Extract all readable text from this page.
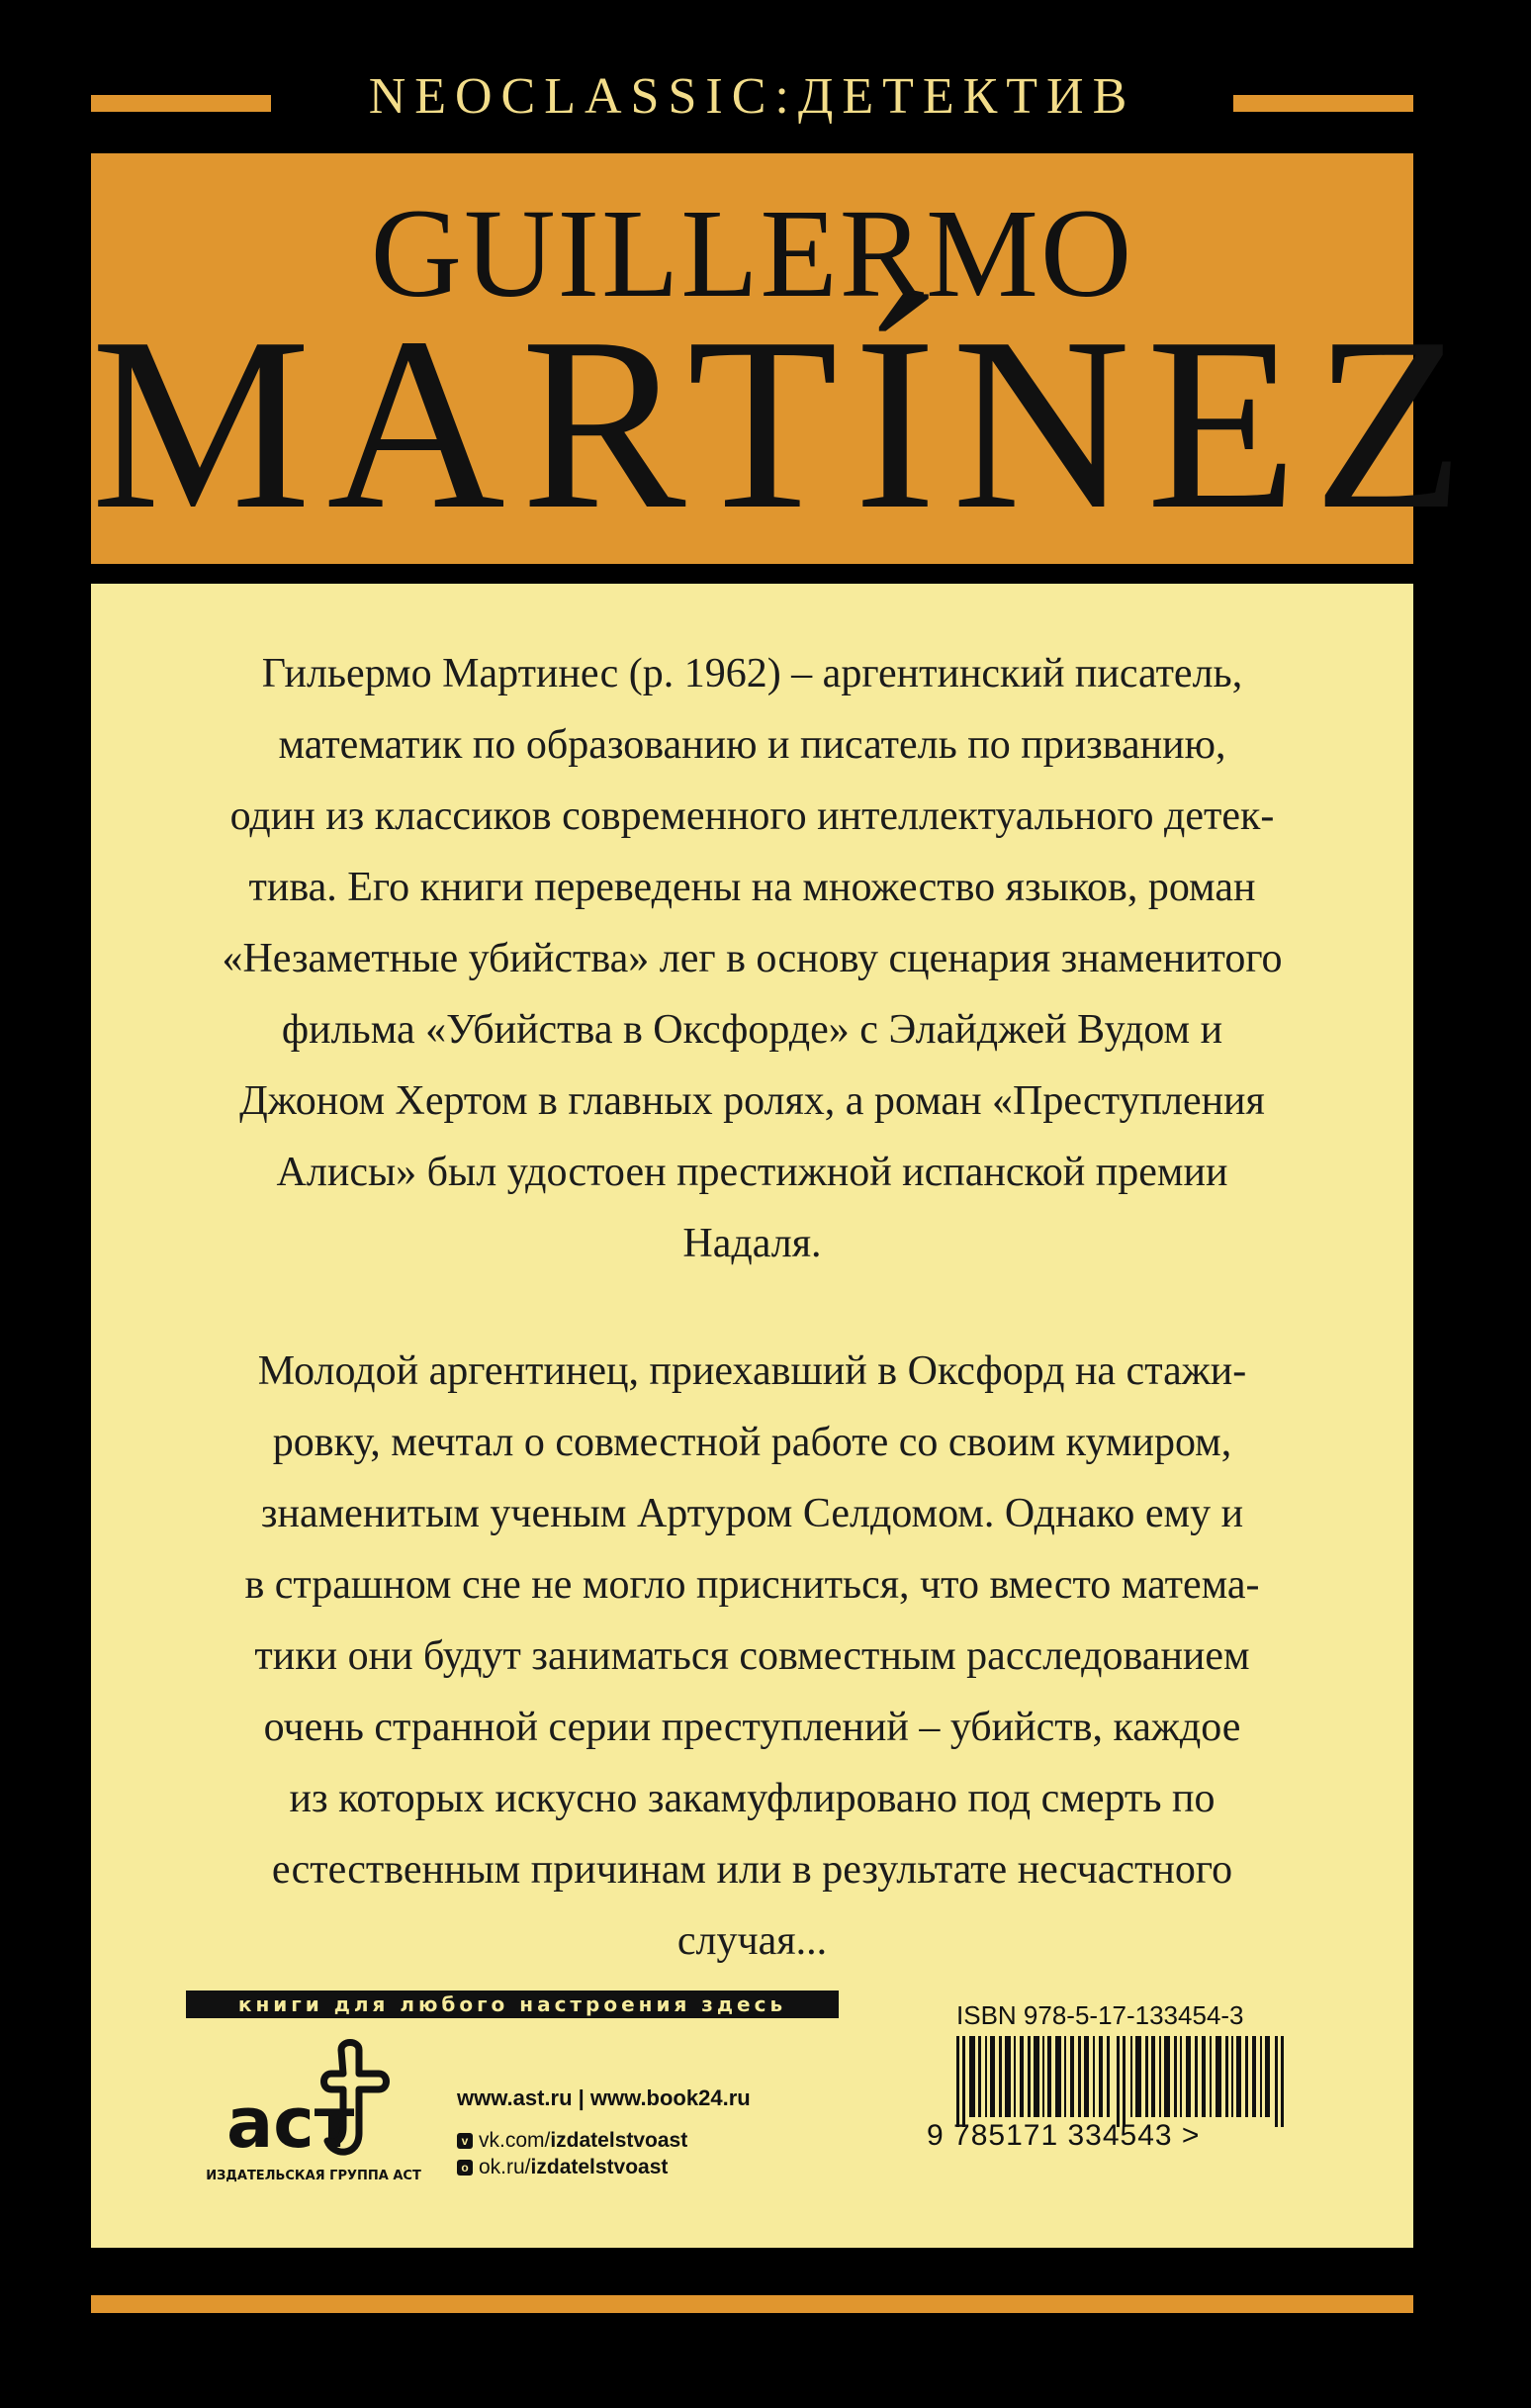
NEOCLASSIC:ДЕТЕКТИВ
GUILLERMO
MARTÍNEZ
Гильермо Мартинес (р. 1962) – аргентинский писатель,
математик по образованию и писатель по призванию,
один из классиков современного интеллектуального детек-
тива. Его книги переведены на множество языков, роман
«Незаметные убийства» лег в основу сценария знаменитого
фильма «Убийства в Оксфорде» с Элайджей Вудом и
Джоном Хертом в главных ролях, а роман «Преступления
Алисы» был удостоен престижной испанской премии
Надаля.
Молодой аргентинец, приехавший в Оксфорд на стажи-
ровку, мечтал о совместной работе со своим кумиром,
знаменитым ученым Артуром Селдомом. Однако ему и
в страшном сне не могло присниться, что вместо матема-
тики они будут заниматься совместным расследованием
очень странной серии преступлений – убийств, каждое
из которых искусно закамуфлировано под смерть по
естественным причинам или в результате несчастного
случая...
книги для любого настроения здесь
аст
ИЗДАТЕЛЬСКАЯ ГРУППА АСТ
www.ast.ru | www.book24.ru
v vk.com/ izdatelstvoast
o ok.ru/ izdatelstvoast
ISBN 978-5-17-133454-3
9 785171 334543 >
